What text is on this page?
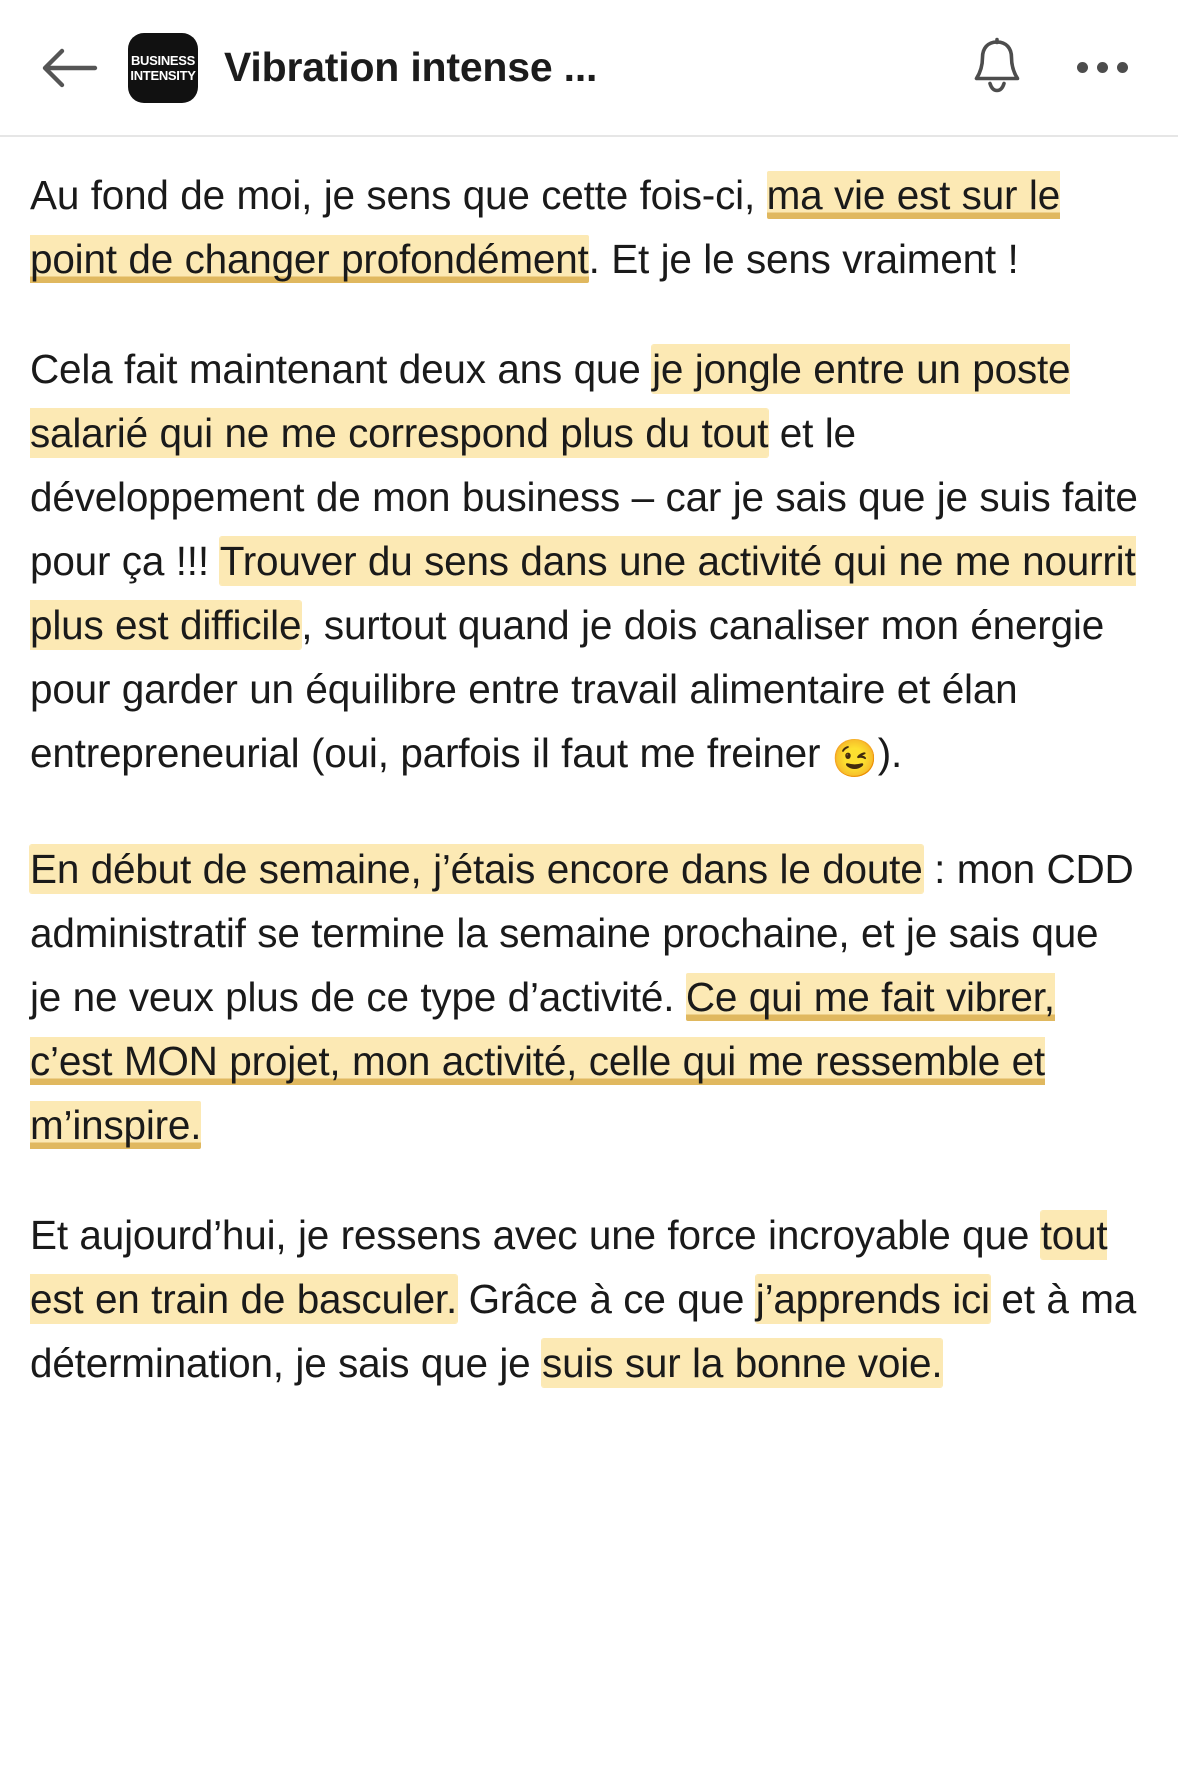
BUSINESS
INTENSITY Vibration intense ...

Au fond de moi, je sens que cette fois-ci, ma vie est sur le point de changer profondément. Et je le sens vraiment !

Cela fait maintenant deux ans que je jongle entre un poste salarié qui ne me correspond plus du tout et le développement de mon business – car je sais que je suis faite pour ça !!! Trouver du sens dans une activité qui ne me nourrit plus est difficile, surtout quand je dois canaliser mon énergie pour garder un équilibre entre travail alimentaire et élan entrepreneurial (oui, parfois il faut me freiner 😉).

En début de semaine, j’étais encore dans le doute : mon CDD administratif se termine la semaine prochaine, et je sais que je ne veux plus de ce type d’activité. Ce qui me fait vibrer, c’est MON projet, mon activité, celle qui me ressemble et m’inspire.

Et aujourd’hui, je ressens avec une force incroyable que tout est en train de basculer. Grâce à ce que j’apprends ici et à ma détermination, je sais que je suis sur la bonne voie.
